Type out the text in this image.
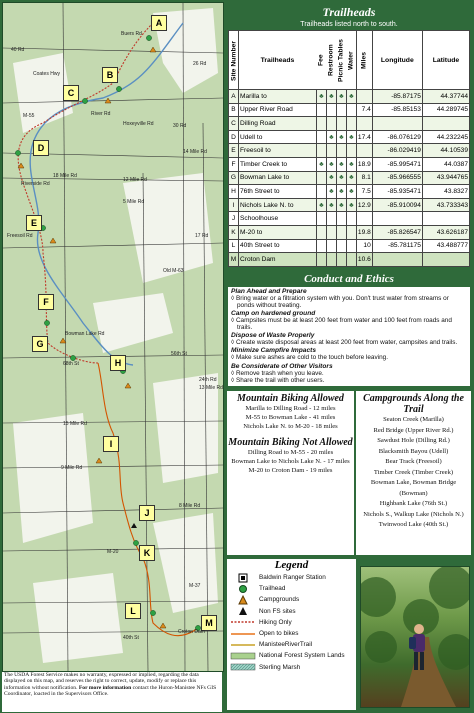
A
B
C
D
E
F
G
H
I
J
K
L
M
Buers Rd
Coates Hwy
River Rd
Hoxeyville Rd
40 Rd
30 Rd
26 Rd
17 Rd
5 Mile Rd
18 Mile Rd
14 Mile Rd
12 Mile Rd
Freesoil Rd
Old M-63
Bowman Lake Rd
56th St
68th St
24th Rd
13 Mile Rd
15 Mile Rd
9 Mile Rd
8 Mile Rd
Croton Dam
40th St
M-20
M-37
M-55
Riverside Rd
The USDA Forest Service makes no warranty, expressed or implied, regarding the data displayed on this map, and reserves the right to correct, update, modify or replace this information without notification. For more information contact the Huron-Manistee NFs GIS Coordinator, loacted in the Supervisors Office.
Trailheads
Trailheads listed north to south.
Site Number	Trailheads	Fee	Restroom	Picnic Tables	Water	Miles	Longitude	Latitude
A	Marilla to	♣	♣	♣	♣		-85.87175	44.37744
B	Upper River Road					7.4	-85.85153	44.289745
C	Dilling Road							
D	Udell to		♣	♣	♣	17.4	-86.076129	44.232245
E	Freesoil to						-86.029419	44.10539
F	Timber Creek to	♣	♣	♣	♣	18.9	-85.995471	44.0387
G	Bowman Lake to		♣	♣	♣	8.1	-85.966555	43.944765
H	76th Street to		♣	♣	♣	7.5	-85.935471	43.8327
I	Nichols Lake N. to	♣	♣	♣	♣	12.9	-85.910094	43.733343
J	Schoolhouse							
K	M-20 to					19.8	-85.826547	43.626187
L	40th Street to					10	-85.781175	43.488777
M	Croton Dam					10.6		
Conduct and Ethics
Plan Ahead and Prepare
◊ Bring water or a filtration system with you. Don't trust water from streams or ponds without treating.
Camp on hardened ground
◊ Campsites must be at least 200 feet from water and 100 feet from roads and trails.
Dispose of Waste Properly
◊ Create waste disposal areas at least 200 feet from water, campsites and trails.
Minimize Campfire Impacts
◊ Make sure ashes are cold to the touch before leaving.
Be Considerate of Other Visitors
◊ Remove trash when you leave.
◊ Share the trail with other users.
Mountain Biking Allowed
Marilla to Dilling Road - 12 miles
M-55 to Bowman Lake - 41 miles
Nichols Lake N. to M-20 - 18 miles
Mountain Biking Not Allowed
Dilling Road to M-55 - 20 miles
Bowman Lake to Nichols Lake N. - 17 miles
M-20 to Croton Dam - 19 miles
Campgrounds Along the Trail
Seaton Creek (Marilla)
Red Bridge (Upper River Rd.)
Sawdust Hole (Dilling Rd.)
Blacksmith Bayou (Udell)
Bear Track (Freesoil)
Timber Creek (Timber Creek)
Bowman Lake, Bowman Bridge (Bowman)
Highbank Lake (76th St.)
Nichols S., Walkup Lake (Nichols N.)
Twinwood Lake (40th St.)
Legend
Baldwin Ranger Station
Trailhead
Campgrounds
Non FS sites
Hiking Only
Open to bikes
ManisteeRiverTrail
National Forest System Lands
Sterling Marsh
